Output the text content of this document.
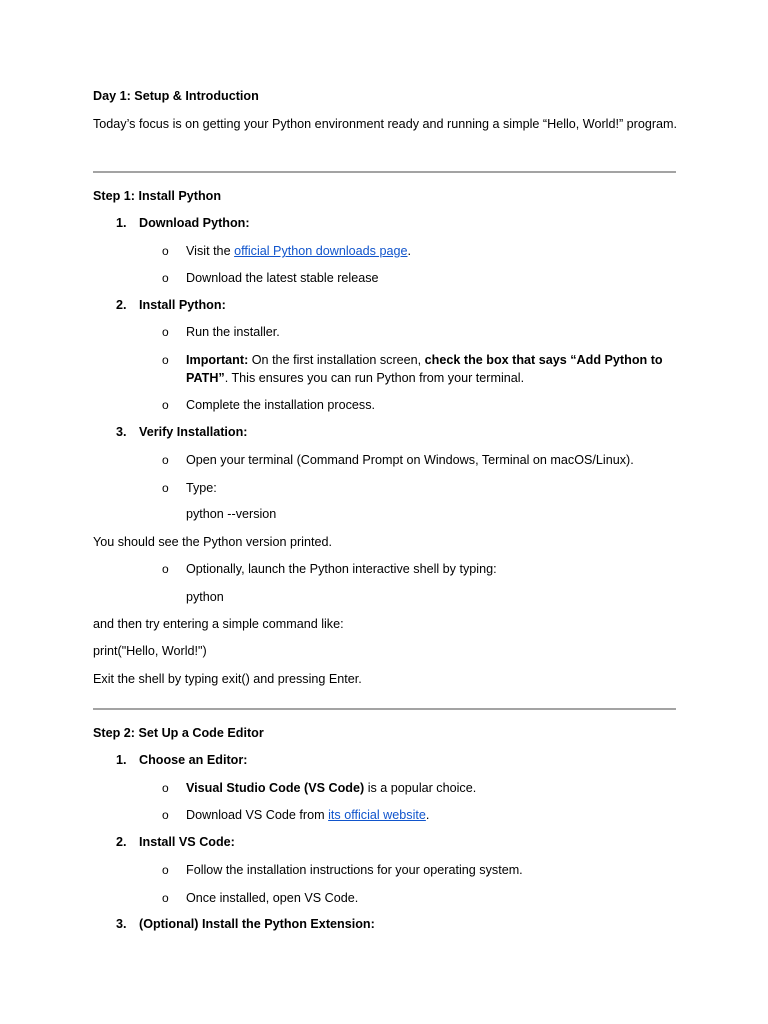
Day 1: Setup & Introduction
Today’s focus is on getting your Python environment ready and running a simple “Hello, World!” program.
Step 1: Install Python
1. Download Python:
o Visit the official Python downloads page.
o Download the latest stable release
2. Install Python:
o Run the installer.
o Important: On the first installation screen, check the box that says “Add Python to PATH”. This ensures you can run Python from your terminal.
o Complete the installation process.
3. Verify Installation:
o Open your terminal (Command Prompt on Windows, Terminal on macOS/Linux).
o Type:
python --version
You should see the Python version printed.
o Optionally, launch the Python interactive shell by typing:
python
and then try entering a simple command like:
print("Hello, World!")
Exit the shell by typing exit() and pressing Enter.
Step 2: Set Up a Code Editor
1. Choose an Editor:
o Visual Studio Code (VS Code) is a popular choice.
o Download VS Code from its official website.
2. Install VS Code:
o Follow the installation instructions for your operating system.
o Once installed, open VS Code.
3. (Optional) Install the Python Extension:
